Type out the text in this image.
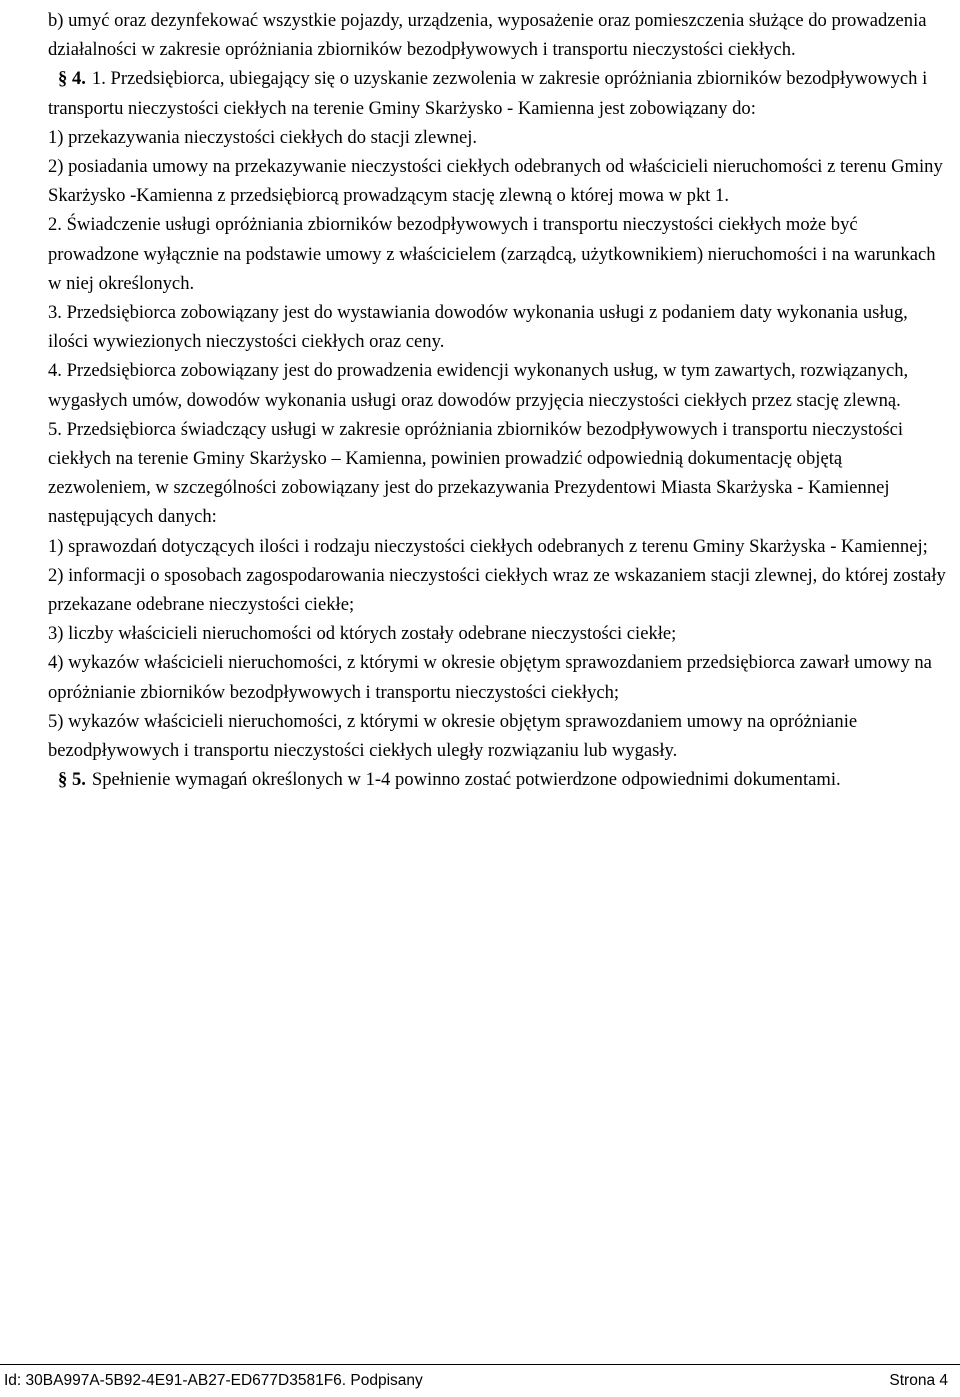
b) umyć oraz dezynfekować wszystkie pojazdy, urządzenia, wyposażenie oraz pomieszczenia służące do prowadzenia działalności w zakresie opróżniania zbiorników bezodpływowych i transportu nieczystości ciekłych.

§ 4. 1. Przedsiębiorca, ubiegający się o uzyskanie zezwolenia w zakresie opróżniania zbiorników bezodpływowych i transportu nieczystości ciekłych na terenie Gminy Skarżysko - Kamienna jest zobowiązany do:

1) przekazywania nieczystości ciekłych do stacji zlewnej.

2) posiadania umowy na przekazywanie nieczystości ciekłych odebranych od właścicieli nieruchomości z terenu Gminy Skarżysko -Kamienna z przedsiębiorcą prowadzącym stację zlewną o której mowa w pkt 1.

2. Świadczenie usługi opróżniania zbiorników bezodpływowych i transportu nieczystości ciekłych może być prowadzone wyłącznie na podstawie umowy z właścicielem (zarządcą, użytkownikiem) nieruchomości i na warunkach w niej określonych.

3. Przedsiębiorca zobowiązany jest do wystawiania dowodów wykonania usługi z podaniem daty wykonania usług, ilości wywiezionych nieczystości ciekłych oraz ceny.

4. Przedsiębiorca zobowiązany jest do prowadzenia ewidencji wykonanych usług, w tym zawartych, rozwiązanych, wygasłych umów, dowodów wykonania usługi oraz dowodów przyjęcia nieczystości ciekłych przez stację zlewną.

5. Przedsiębiorca świadczący usługi w zakresie opróżniania zbiorników bezodpływowych i transportu nieczystości ciekłych na terenie Gminy Skarżysko – Kamienna, powinien prowadzić odpowiednią dokumentację objętą zezwoleniem, w szczególności zobowiązany jest do przekazywania Prezydentowi Miasta Skarżyska - Kamiennej następujących danych:

1) sprawozdań dotyczących ilości i rodzaju nieczystości ciekłych odebranych z terenu Gminy Skarżyska - Kamiennej;

2) informacji o sposobach zagospodarowania nieczystości ciekłych wraz ze wskazaniem stacji zlewnej, do której zostały przekazane odebrane nieczystości ciekłe;

3) liczby właścicieli nieruchomości od których zostały odebrane nieczystości ciekłe;

4) wykazów właścicieli nieruchomości, z którymi w okresie objętym sprawozdaniem przedsiębiorca zawarł umowy na opróżnianie zbiorników bezodpływowych i transportu nieczystości ciekłych;

5) wykazów właścicieli nieruchomości, z którymi w okresie objętym sprawozdaniem umowy na opróżnianie bezodpływowych i transportu nieczystości ciekłych uległy rozwiązaniu lub wygasły.

§ 5. Spełnienie wymagań określonych w 1-4 powinno zostać potwierdzone odpowiednimi dokumentami.

Id: 30BA997A-5B92-4E91-AB27-ED677D3581F6. Podpisany	Strona 4
